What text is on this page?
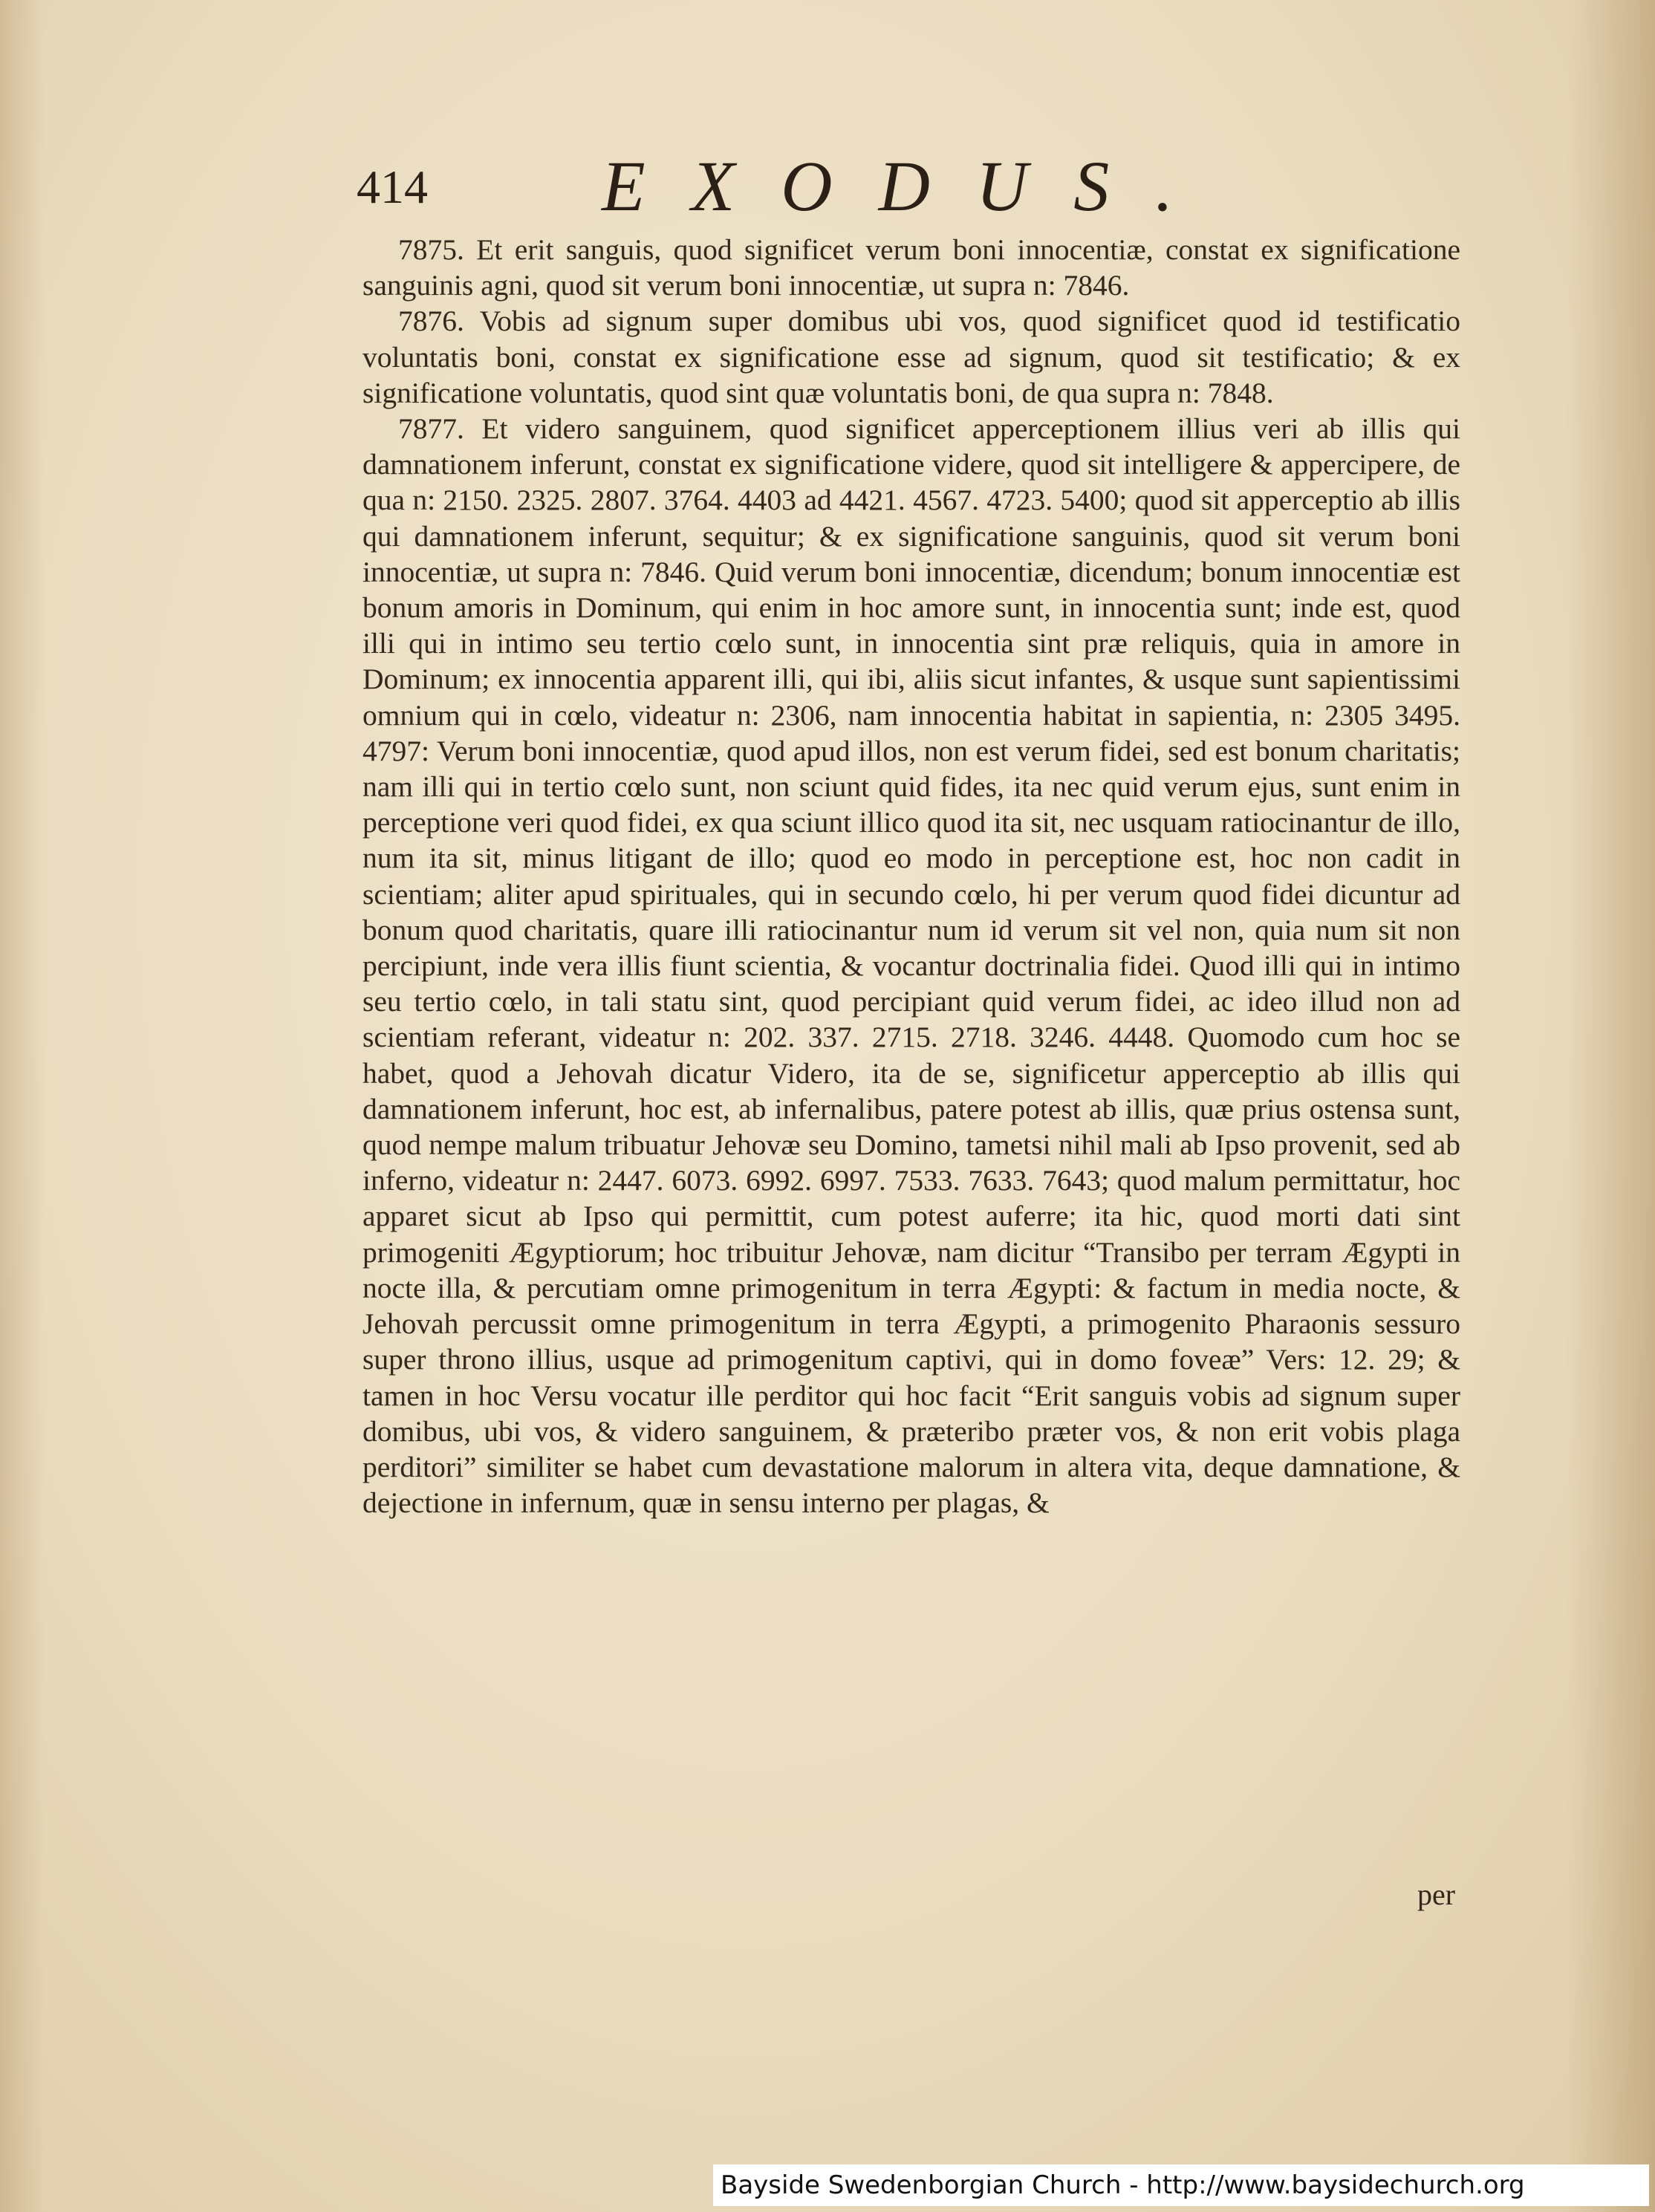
414 EXODUS.

7875. Et erit sanguis, quod significet verum boni innocentiæ, constat ex significatione sanguinis agni, quod sit verum boni innocentiæ, ut supra n: 7846.

7876. Vobis ad signum super domibus ubi vos, quod significet quod id testificatio voluntatis boni, constat ex significatione esse ad signum, quod sit testificatio; & ex significatione voluntatis, quod sint quæ voluntatis boni, de qua supra n: 7848.

7877. Et videro sanguinem, quod significet apperceptionem illius veri ab illis qui damnationem inferunt, constat ex significatione videre, quod sit intelligere & appercipere, de qua n: 2150. 2325. 2807. 3764. 4403 ad 4421. 4567. 4723. 5400; quod sit apperceptio ab illis qui damnationem inferunt, sequitur; & ex significatione sanguinis, quod sit verum boni innocentiæ, ut supra n: 7846. Quid verum boni innocentiæ, dicendum; bonum innocentiæ est bonum amoris in Dominum, qui enim in hoc amore sunt, in innocentia sunt; inde est, quod illi qui in intimo seu tertio cœlo sunt, in innocentia sint præ reliquis, quia in amore in Dominum; ex innocentia apparent illi, qui ibi, aliis sicut infantes, & usque sunt sapientissimi omnium qui in cœlo, videatur n: 2306, nam innocentia habitat in sapientia, n: 2305 3495. 4797: Verum boni innocentiæ, quod apud illos, non est verum fidei, sed est bonum charitatis; nam illi qui in tertio cœlo sunt, non sciunt quid fides, ita nec quid verum ejus, sunt enim in perceptione veri quod fidei, ex qua sciunt illico quod ita sit, nec usquam ratiocinantur de illo, num ita sit, minus litigant de illo; quod eo modo in perceptione est, hoc non cadit in scientiam; aliter apud spirituales, qui in secundo cœlo, hi per verum quod fidei dicuntur ad bonum quod charitatis, quare illi ratiocinantur num id verum sit vel non, quia num sit non percipiunt, inde vera illis fiunt scientia, & vocantur doctrinalia fidei. Quod illi qui in intimo seu tertio cœlo, in tali statu sint, quod percipiant quid verum fidei, ac ideo illud non ad scientiam referant, videatur n: 202. 337. 2715. 2718. 3246. 4448. Quomodo cum hoc se habet, quod a Jehovah dicatur Videro, ita de se, significetur apperceptio ab illis qui damnationem inferunt, hoc est, ab infernalibus, patere potest ab illis, quæ prius ostensa sunt, quod nempe malum tribuatur Jehovæ seu Domino, tametsi nihil mali ab Ipso provenit, sed ab inferno, videatur n: 2447. 6073. 6992. 6997. 7533. 7633. 7643; quod malum permittatur, hoc apparet sicut ab Ipso qui permittit, cum potest auferre; ita hic, quod morti dati sint primogeniti Ægyptiorum; hoc tribuitur Jehovæ, nam dicitur “Transibo per terram Ægypti in nocte illa, & percutiam omne primogenitum in terra Ægypti: & factum in media nocte, & Jehovah percussit omne primogenitum in terra Ægypti, a primogenito Pharaonis sessuro super throno illius, usque ad primogenitum captivi, qui in domo foveæ” Vers: 12. 29; & tamen in hoc Versu vocatur ille perditor qui hoc facit “Erit sanguis vobis ad signum super domibus, ubi vos, & videro sanguinem, & præteribo præter vos, & non erit vobis plaga perditori” similiter se habet cum devastatione malorum in altera vita, deque damnatione, & dejectione in infernum, quæ in sensu interno per plagas, &

per
Bayside Swedenborgian Church - http://www.baysidechurch.org
